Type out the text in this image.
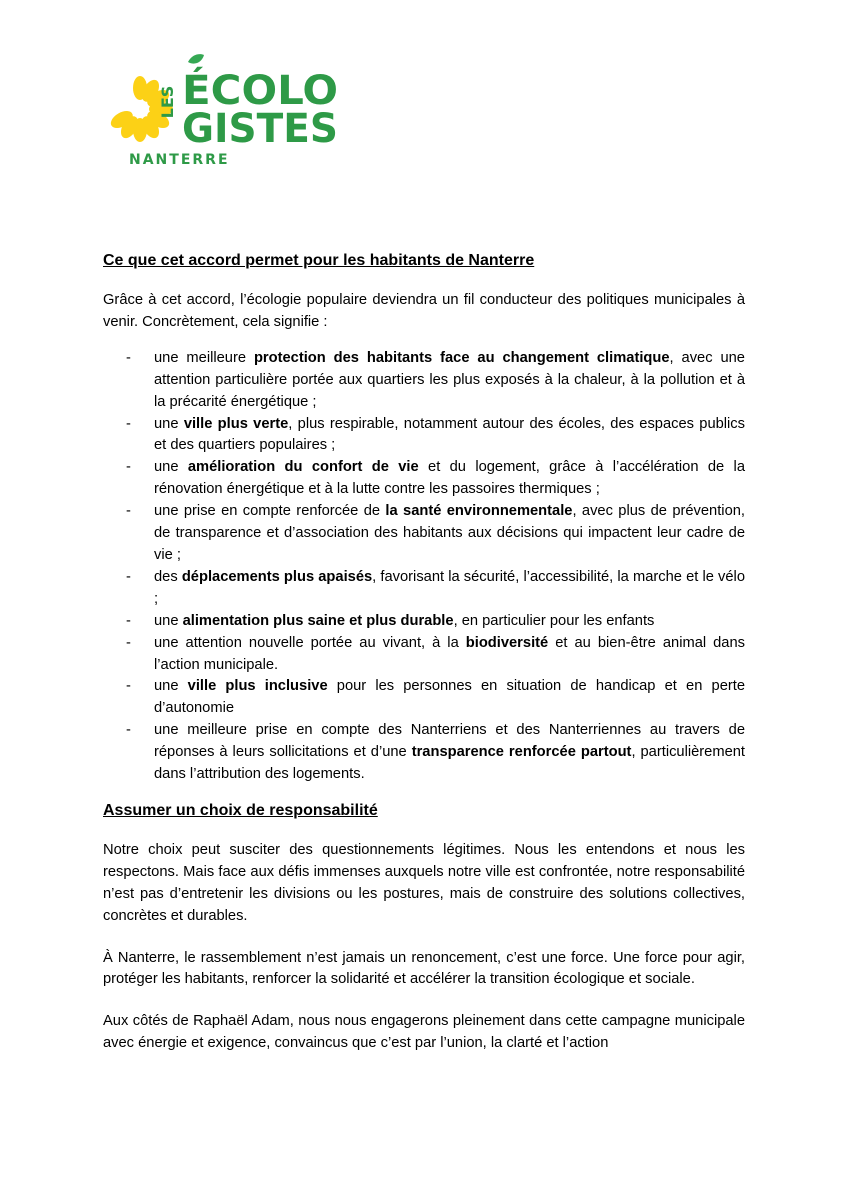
LES ÉCOLO
GISTES
NANTERRE
Ce que cet accord permet pour les habitants de Nanterre

Grâce à cet accord, l’écologie populaire deviendra un fil conducteur des politiques municipales à venir. Concrètement, cela signifie :

- une meilleure protection des habitants face au changement climatique, avec une attention particulière portée aux quartiers les plus exposés à la chaleur, à la pollution et à la précarité énergétique ;
- une ville plus verte, plus respirable, notamment autour des écoles, des espaces publics et des quartiers populaires ;
- une amélioration du confort de vie et du logement, grâce à l’accélération de la rénovation énergétique et à la lutte contre les passoires thermiques ;
- une prise en compte renforcée de la santé environnementale, avec plus de prévention, de transparence et d’association des habitants aux décisions qui impactent leur cadre de vie ;
- des déplacements plus apaisés, favorisant la sécurité, l’accessibilité, la marche et le vélo ;
- une alimentation plus saine et plus durable, en particulier pour les enfants
- une attention nouvelle portée au vivant, à la biodiversité et au bien-être animal dans l’action municipale.
- une ville plus inclusive pour les personnes en situation de handicap et en perte d’autonomie
- une meilleure prise en compte des Nanterriens et des Nanterriennes au travers de réponses à leurs sollicitations et d’une transparence renforcée partout, particulièrement dans l’attribution des logements.
Assumer un choix de responsabilité

Notre choix peut susciter des questionnements légitimes. Nous les entendons et nous les respectons. Mais face aux défis immenses auxquels notre ville est confrontée, notre responsabilité n’est pas d’entretenir les divisions ou les postures, mais de construire des solutions collectives, concrètes et durables.

À Nanterre, le rassemblement n’est jamais un renoncement, c’est une force. Une force pour agir, protéger les habitants, renforcer la solidarité et accélérer la transition écologique et sociale.

Aux côtés de Raphaël Adam, nous nous engagerons pleinement dans cette campagne municipale avec énergie et exigence, convaincus que c’est par l’union, la clarté et l’action
